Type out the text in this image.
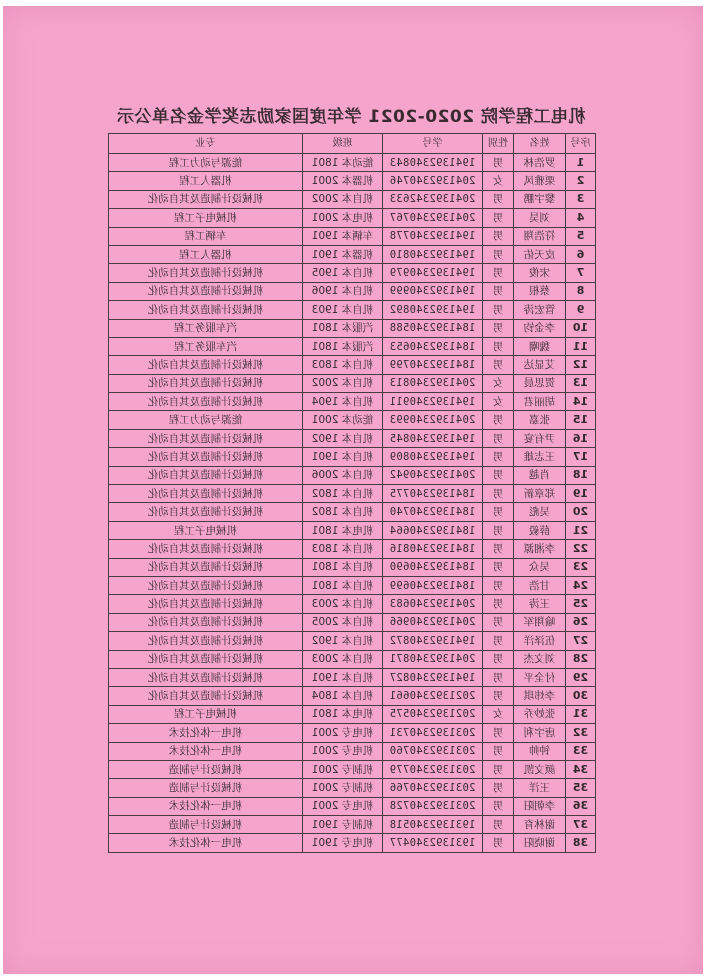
机电工程学院 2020-2021 学年度国家励志奖学金名单公示
序号	姓名	性别	学号	班级	专业
1	罗浩林	男	1941392340843	能动本 1801	能源与动力工程
2	栗雅风	女	2041392340746	机器本 2001	机器人工程
3	黎宇鹏	男	2041392342633	机自本 2002	机械设计制造及其自动化
4	刘昊	男	2041392340767	机电本 2001	机械电子工程
5	符浩翔	男	1941392340778	车辆本 1901	车辆工程
6	皮天佑	男	1941392340810	机器本 1901	机器人工程
7	宋俊	男	1941392340979	机自本 1905	机械设计制造及其自动化
8	蔡根	男	1941392340999	机自本 1906	机械设计制造及其自动化
9	管宏涛	男	1941392340892	机自本 1903	机械设计制造及其自动化
10	李金钧	男	1841392340588	汽服本 1801	汽车服务工程
11	魏嘲	男	1841392340653	汽服本 1801	汽车服务工程
12	艾显达	男	1841392340799	机自本 1803	机械设计制造及其自动化
13	贺思晨	女	2041392340813	机自本 2002	机械设计制造及其自动化
14	胡丽君	女	1941392340911	机自本 1904	机械设计制造及其自动化
15	张嘉	男	2041392340993	能动本 2001	能源与动力工程
16	尹有宴	男	1941392340845	机自本 1902	机械设计制造及其自动化
17	王志雄	男	1941392340809	机自本 1901	机械设计制造及其自动化
18	肖越	男	2041392340942	机自本 2006	机械设计制造及其自动化
19	郑章新	男	1841392340775	机自本 1802	机械设计制造及其自动化
20	吴彪	男	1841392340740	机自本 1802	机械设计制造及其自动化
21	薛毅	男	1841392340664	机电本 1801	机械电子工程
22	李湘源	男	1841392340816	机自本 1803	机械设计制造及其自动化
23	吴众	男	1841392340690	机自本 1801	机械设计制造及其自动化
24	甘浩	男	1841392340699	机自本 1801	机械设计制造及其自动化
25	王涛	男	2041392340683	机自本 2003	机械设计制造及其自动化
26	喻翔军	男	2041392340966	机自本 2005	机械设计制造及其自动化
27	伍泽洋	男	1941392340872	机自本 1902	机械设计制造及其自动化
28	刘文杰	男	2041392340871	机自本 2003	机械设计制造及其自动化
29	付全平	男	1941392340827	机自本 1901	机械设计制造及其自动化
30	李炜琪	男	2021392340661	机自本 1804	机械设计制造及其自动化
31	张妙乔	女	2021392340575	机电本 1801	机械电子工程
32	唐宇利	男	2031392340731	机电专 2001	机电一体化技术
33	钟帅	男	2031392340760	机电专 2001	机电一体化技术
34	颜文凯	男	2031392340779	机制专 2001	机械设计与制造
35	王洋	男	2031392340766	机制专 2001	机械设计与制造
36	李朝阳	男	2031392340728	机电专 2001	机电一体化技术
37	谢林育	男	1931392340518	机制专 1901	机械设计与制造
38	谢晓阳	男	1931392340477	机电专 1901	机电一体化技术
